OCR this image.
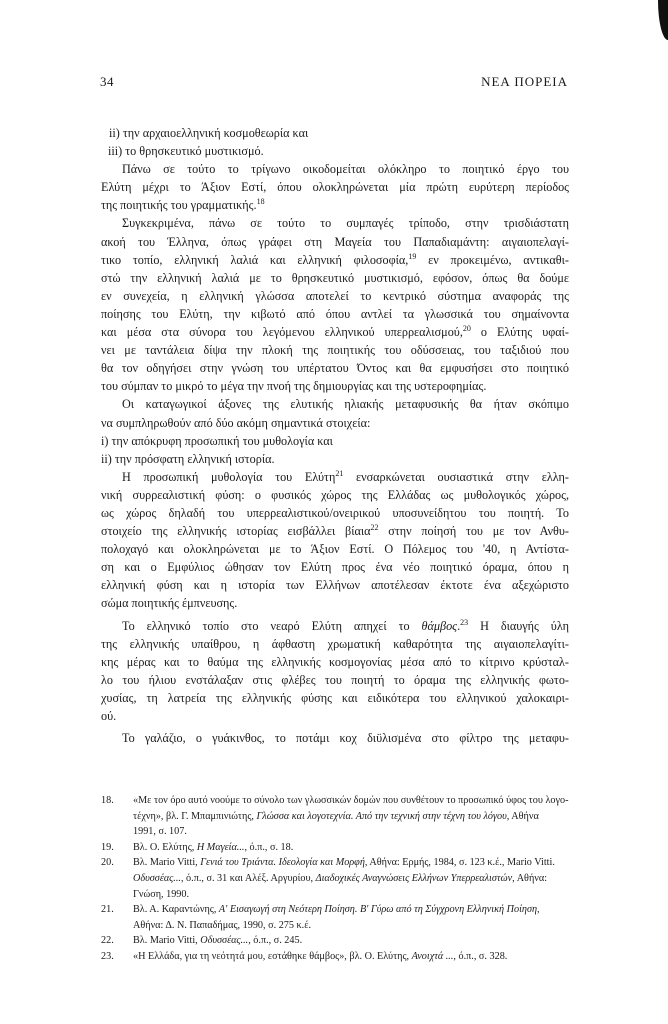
34	ΝΕΑ ΠΟΡΕΙΑ
ii) την αρχαιοελληνική κοσμοθεωρία και
iii) το θρησκευτικό μυστικισμό.
Πάνω σε τούτο το τρίγωνο οικοδομείται ολόκληρο το ποιητικό έργο του
Ελύτη μέχρι το Άξιον Εστί, όπου ολοκληρώνεται μία πρώτη ευρύτερη περίοδος
της ποιητικής του γραμματικής.$^{18}$
Συγκεκριμένα, πάνω σε τούτο το συμπαγές τρίποδο, στην τρισδιάστατη
ακοή του Έλληνα, όπως γράφει στη Μαγεία του Παπαδιαμάντη: αιγαιοπελαγί-
τικο τοπίο, ελληνική λαλιά και ελληνική φιλοσοφία,$^{19}$ εν προκειμένω, αντικαθι-
στώ την ελληνική λαλιά με το θρησκευτικό μυστικισμό, εφόσον, όπως θα δούμε
εν συνεχεία, η ελληνική γλώσσα αποτελεί το κεντρικό σύστημα αναφοράς της
ποίησης του Ελύτη, την κιβωτό από όπου αντλεί τα γλωσσικά του σημαίνοντα
και μέσα στα σύνορα του λεγόμενου ελληνικού υπερρεαλισμού,$^{20}$ ο Ελύτης υφαί-
νει με ταντάλεια δίψα την πλοκή της ποιητικής του οδύσσειας, του ταξιδιού που
θα τον οδηγήσει στην γνώση του υπέρτατου Όντος και θα εμφυσήσει στο ποιητικό
του σύμπαν το μικρό το μέγα την πνοή της δημιουργίας και της υστεροφημίας.
Οι καταγωγικοί άξονες της ελυτικής ηλιακής μεταφυσικής θα ήταν σκόπιμο
να συμπληρωθούν από δύο ακόμη σημαντικά στοιχεία:
i) την απόκρυφη προσωπική του μυθολογία και
ii) την πρόσφατη ελληνική ιστορία.
Η προσωπική μυθολογία του Ελύτη$^{21}$ ενσαρκώνεται ουσιαστικά στην ελλη-
νική συρρεαλιστική φύση: ο φυσικός χώρος της Ελλάδας ως μυθολογικός χώρος,
ως χώρος δηλαδή του υπερρεαλιστικού/ονειρικού υποσυνείδητου του ποιητή. Το
στοιχείο της ελληνικής ιστορίας εισβάλλει βίαια$^{22}$ στην ποίησή του με τον Ανθυ-
πολοχαγό και ολοκληρώνεται με το Άξιον Εστί. Ο Πόλεμος του '40, η Αντίστα-
ση και ο Εμφύλιος ώθησαν τον Ελύτη προς ένα νέο ποιητικό όραμα, όπου η
ελληνική φύση και η ιστορία των Ελλήνων αποτέλεσαν έκτοτε ένα αξεχώριστο
σώμα ποιητικής έμπνευσης.
Το ελληνικό τοπίο στο νεαρό Ελύτη απηχεί το θάμβος.$^{23}$ Η διαυγής ύλη
της ελληνικής υπαίθρου, η άφθαστη χρωματική καθαρότητα της αιγαιοπελαγίτι-
κης μέρας και το θαύμα της ελληνικής κοσμογονίας μέσα από το κίτρινο κρύσταλ-
λο του ήλιου ενστάλαξαν στις φλέβες του ποιητή το όραμα της ελληνικής φωτο-
χυσίας, τη λατρεία της ελληνικής φύσης και ειδικότερα του ελληνικού χαλοκαιρι-
ού.
Το γαλάζιο, ο γυάκινθος, το ποτάμι κοχ διϋλισμένα στο φίλτρο της μεταφυ-
18. «Με τον όρο αυτό νοούμε το σύνολο των γλωσσικών δομών που συνθέτουν το προσωπικό ύφος του λογο-
τέχνη», βλ. Γ. Μπαμπινιώτης, Γλώσσα και λογοτεχνία. Από την τεχνική στην τέχνη του λόγου, Αθήνα
1991, σ. 107.
19. Βλ. Ο. Ελύτης, Η Μαγεία..., ό.π., σ. 18.
20. Βλ. Mario Vitti, Γενιά του Τριάντα. Ιδεολογία και Μορφή, Αθήνα: Ερμής, 1984, σ. 123 κ.έ., Mario Vitti.
Οδυσσέας..., ό.π., σ. 31 και Αλέξ. Αργυρίου, Διαδοχικές Αναγνώσεις Ελλήνων Υπερρεαλιστών, Αθήνα:
Γνώση, 1990.
21. Βλ. Α. Καραντώνης, Α' Εισαγωγή στη Νεότερη Ποίηση. Β' Γύρω από τη Σύγχρονη Ελληνική Ποίηση,
Αθήνα: Δ. Ν. Παπαδήμας, 1990, σ. 275 κ.έ.
22. Βλ. Mario Vitti, Οδυσσέας..., ό.π., σ. 245.
23. «Η Ελλάδα, για τη νεότητά μου, εστάθηκε θάμβος», βλ. Ο. Ελύτης, Ανοιχτά ..., ό.π., σ. 328.
